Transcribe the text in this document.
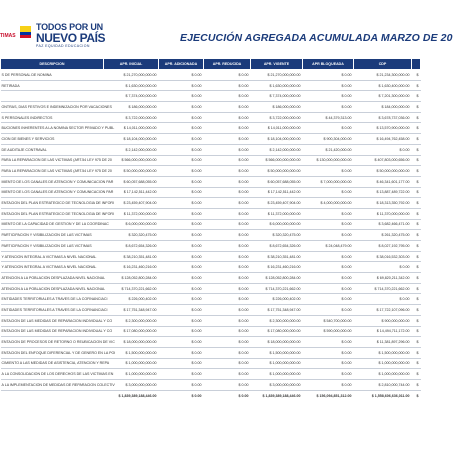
TIMAS
TODOS POR UN
NUEVO PAÍS
PAZ EQUIDAD EDUCACION
EJECUCIÓN AGREGADA ACUMULADA MARZO DE 20
DESCRIPCION	APR. INICIAL	APR. ADICIONADA	APR. REDUCIDA	APR. VIGENTE	APR BLOQUEADA	CDP	
S DE PERSONAL DE NOMINA	$ 21,270,000,000.00	$ 0.00	$ 0.00	$ 21,270,000,000.00	$ 0.00	$ 21,234,300,000.00	$
RETIRADA	$ 1,630,000,000.00	$ 0.00	$ 0.00	$ 1,630,000,000.00	$ 0.00	$ 1,630,400,000.00	$
	$ 7,374,000,000.00	$ 0.00	$ 0.00	$ 7,374,000,000.00	$ 0.00	$ 7,201,300,000.00	$
ONTRAS, DIAS FESTIVOS E INDEMNIZACION POR VACACIONES	$ 186,000,000.00	$ 0.00	$ 0.00	$ 186,000,000.00	$ 0.00	$ 184,000,000.00	$
S PERSONALES INDIRECTOS	$ 3,722,000,000.00	$ 0.00	$ 0.00	$ 3,722,000,000.00	$ 44,379,313.00	$ 3,678,737,036.00	$
BUCIONES INHERENTES A LA NOMINA SECTOR PRIVADO Y PUBL	$ 14,011,000,000.00	$ 0.00	$ 0.00	$ 14,011,000,000.00	$ 0.00	$ 13,570,900,000.00	$
CION DE BIENES Y SERVICIOS	$ 18,104,000,000.00	$ 0.00	$ 0.00	$ 18,104,000,000.00	$ 900,304,000.00	$ 16,494,762,458.00	$
DE AUDITAJE CONTRAVAL	$ 2,142,000,000.00	$ 0.00	$ 0.00	$ 2,142,000,000.00	$ 21,420,000.00	$ 0.00	$
PARA LA REPARACION DE LAS VICTIMAS (ART.54 LEY 975 DE 20	$ 566,000,000,000.00	$ 0.00	$ 0.00	$ 566,000,000,000.00	$ 130,000,000,000.00	$ 407,803,000,656.00	$
PARA LA REPARACION DE LAS VICTIMAS (ART.54 LEY 975 DE 20	$ 50,000,000,000.00	$ 0.00	$ 0.00	$ 50,000,000,000.00	$ 0.00	$ 50,000,000,000.00	$
MIENTO DE LOS CANALES DE ATENCION Y COMUNICACION PAR	$ 60,057,688,055.00	$ 0.00	$ 0.00	$ 60,057,688,055.00	$ 7,000,000,000.00	$ 46,341,601,177.00	$
MIENTO DE LOS CANALES DE ATENCION Y COMUNICACION PAR	$ 17,142,511,442.00	$ 0.00	$ 0.00	$ 17,142,511,442.00	$ 0.00	$ 13,887,489,722.00	$
ENTACION DEL PLAN ESTRATEGICO DE TECNOLOGIA DE INFORI	$ 23,459,407,904.00	$ 0.00	$ 0.00	$ 23,459,407,904.00	$ 4,000,000,000.00	$ 18,313,350,792.00	$
ENTACION DEL PLAN ESTRATEGICO DE TECNOLOGIA DE INFORI	$ 11,372,000,000.00	$ 0.00	$ 0.00	$ 11,372,000,000.00	$ 0.00	$ 11,370,000,000.00	$
MIENTO DE LA CAPACIDAD DE GESTION Y DE LA COORDINAC	$ 6,000,000,000.00	$ 0.00	$ 0.00	$ 6,000,000,000.00	$ 0.00	$ 3,682,466,471.00	$
PARTICIPACION Y VISIBILIZACION DE LAS VICTIMAS	$ 320,320,475.00	$ 0.00	$ 0.00	$ 320,320,475.00	$ 0.00	$ 261,320,475.00	$
PARTICIPACION Y VISIBILIZACION DE LAS VICTIMAS	$ 8,672,654,326.00	$ 0.00	$ 0.00	$ 8,672,654,326.00	$ 24,048,479.00	$ 8,027,192,795.00	$
Y ATENCION INTEGRAL A VICTIMAS A NIVEL NACIONAL	$ 38,210,351,481.00	$ 0.00	$ 0.00	$ 38,210,351,481.00	$ 0.00	$ 38,016,532,303.00	$
Y ATENCION INTEGRAL A VICTIMAS A NIVEL NACIONAL	$ 16,231,460,216.00	$ 0.00	$ 0.00	$ 16,231,460,216.00	$ 0.00	$ 0.00	$
ATENCION A LA POBLACION DESPLAZADA NIVEL NACIONAL	$ 128,052,800,284.00	$ 0.00	$ 0.00	$ 128,052,800,284.00	$ 0.00	$ 69,820,211,342.00	$
ATENCION A LA POBLACION DESPLAZADA NIVEL NACIONAL	$ 714,370,221,662.00	$ 0.00	$ 0.00	$ 714,370,221,662.00	$ 0.00	$ 714,370,221,662.00	$
ENTIDADES TERRITORIALES A TRAVES DE LA COFINANCIACI	$ 226,000,402.00	$ 0.00	$ 0.00	$ 226,000,402.00	$ 0.00	$ 0.00	$
ENTIDADES TERRITORIALES A TRAVES DE LA COFINANCIACI	$ 17,751,348,947.00	$ 0.00	$ 0.00	$ 17,751,348,947.00	$ 0.00	$ 17,722,107,096.00	$
ENTACION DE LAS MEDIDAS DE REPARACION INDIVIDUAL Y CO	$ 2,300,000,000.00	$ 0.00	$ 0.00	$ 2,300,000,000.00	$ 540,700,000.00	$ 900,000,000.00	$
ENTACION DE LAS MEDIDAS DE REPARACION INDIVIDUAL Y CO	$ 17,080,000,000.00	$ 0.00	$ 0.00	$ 17,080,000,000.00	$ 590,000,000.00	$ 14,494,711,172.00	$
ENTACION DE PROCESOS DE RETORNO O REUBICACION DE VIC	$ 18,000,000,000.00	$ 0.00	$ 0.00	$ 18,000,000,000.00	$ 0.00	$ 11,381,897,296.00	$
ENTACION DEL ENFOQUE DIFERENCIAL Y DE GENERO EN LA POI	$ 1,500,000,000.00	$ 0.00	$ 0.00	$ 1,500,000,000.00	$ 0.00	$ 1,500,000,000.00	$
CIMIENTO A LAS MEDIDAS DE ASISTENCIA, ATENCION Y REPA	$ 1,000,000,000.00	$ 0.00	$ 0.00	$ 1,000,000,000.00	$ 0.00	$ 1,000,000,000.00	$
A LA CONSOLIDACION DE LOS DERECHOS DE LAS VICTIMAS EN	$ 1,000,000,000.00	$ 0.00	$ 0.00	$ 1,000,000,000.00	$ 0.00	$ 1,000,000,000.00	$
A LA IMPLEMENTACION DE MEDIDAS DE REPARACION COLECTIV	$ 3,000,000,000.00	$ 0.00	$ 0.00	$ 3,000,000,000.00	$ 0.00	$ 2,810,000,744.00	$
	$ 1,839,389,188,446.00	$ 0.00	$ 0.00	$ 1,839,389,188,446.00	$ 156,094,851,312.00	$ 1,558,606,636,011.00	$
